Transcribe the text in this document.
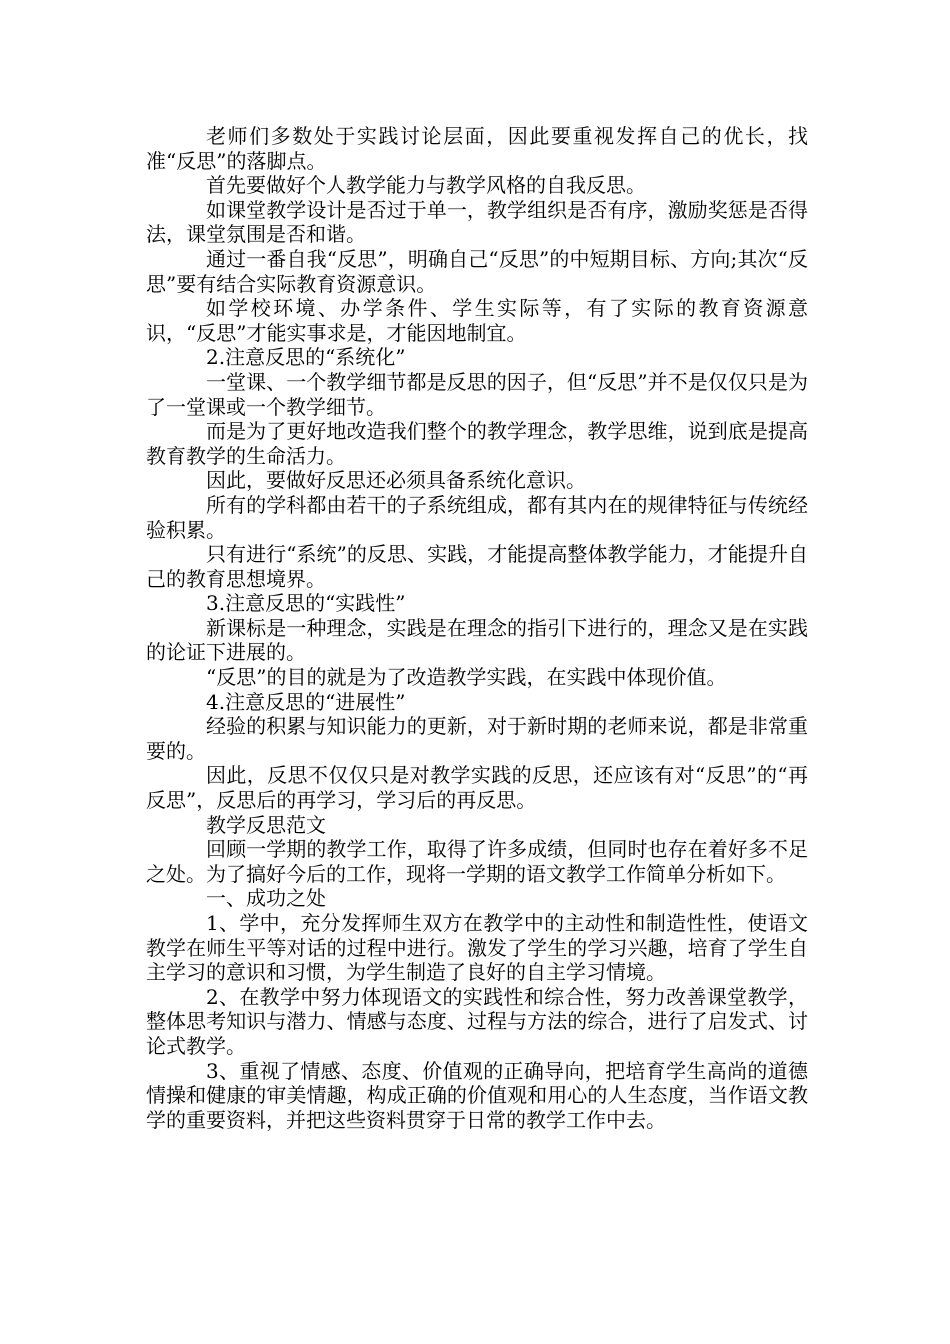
老师们多数处于实践讨论层面，因此要重视发挥自己的优长，找准“反思”的落脚点。

首先要做好个人教学能力与教学风格的自我反思。

如课堂教学设计是否过于单一，教学组织是否有序，激励奖惩是否得法，课堂氛围是否和谐。

通过一番自我“反思”，明确自己“反思”的中短期目标、方向;其次“反思”要有结合实际教育资源意识。

如学校环境、办学条件、学生实际等，有了实际的教育资源意识，“反思”才能实事求是，才能因地制宜。

2.注意反思的“系统化”

一堂课、一个教学细节都是反思的因子，但“反思”并不是仅仅只是为了一堂课或一个教学细节。

而是为了更好地改造我们整个的教学理念，教学思维，说到底是提高教育教学的生命活力。

因此，要做好反思还必须具备系统化意识。

所有的学科都由若干的子系统组成，都有其内在的规律特征与传统经验积累。

只有进行“系统”的反思、实践，才能提高整体教学能力，才能提升自己的教育思想境界。

3.注意反思的“实践性”

新课标是一种理念，实践是在理念的指引下进行的，理念又是在实践的论证下进展的。

“反思”的目的就是为了改造教学实践，在实践中体现价值。

4.注意反思的“进展性”

经验的积累与知识能力的更新，对于新时期的老师来说，都是非常重要的。

因此，反思不仅仅只是对教学实践的反思，还应该有对“反思”的“再反思”，反思后的再学习，学习后的再反思。

教学反思范文

回顾一学期的教学工作，取得了许多成绩，但同时也存在着好多不足之处。为了搞好今后的工作，现将一学期的语文教学工作简单分析如下。

一、成功之处

1、学中，充分发挥师生双方在教学中的主动性和制造性性，使语文教学在师生平等对话的过程中进行。激发了学生的学习兴趣，培育了学生自主学习的意识和习惯，为学生制造了良好的自主学习情境。

2、在教学中努力体现语文的实践性和综合性，努力改善课堂教学，整体思考知识与潜力、情感与态度、过程与方法的综合，进行了启发式、讨论式教学。

3、重视了情感、态度、价值观的正确导向，把培育学生高尚的道德情操和健康的审美情趣，构成正确的价值观和用心的人生态度，当作语文教学的重要资料，并把这些资料贯穿于日常的教学工作中去。
